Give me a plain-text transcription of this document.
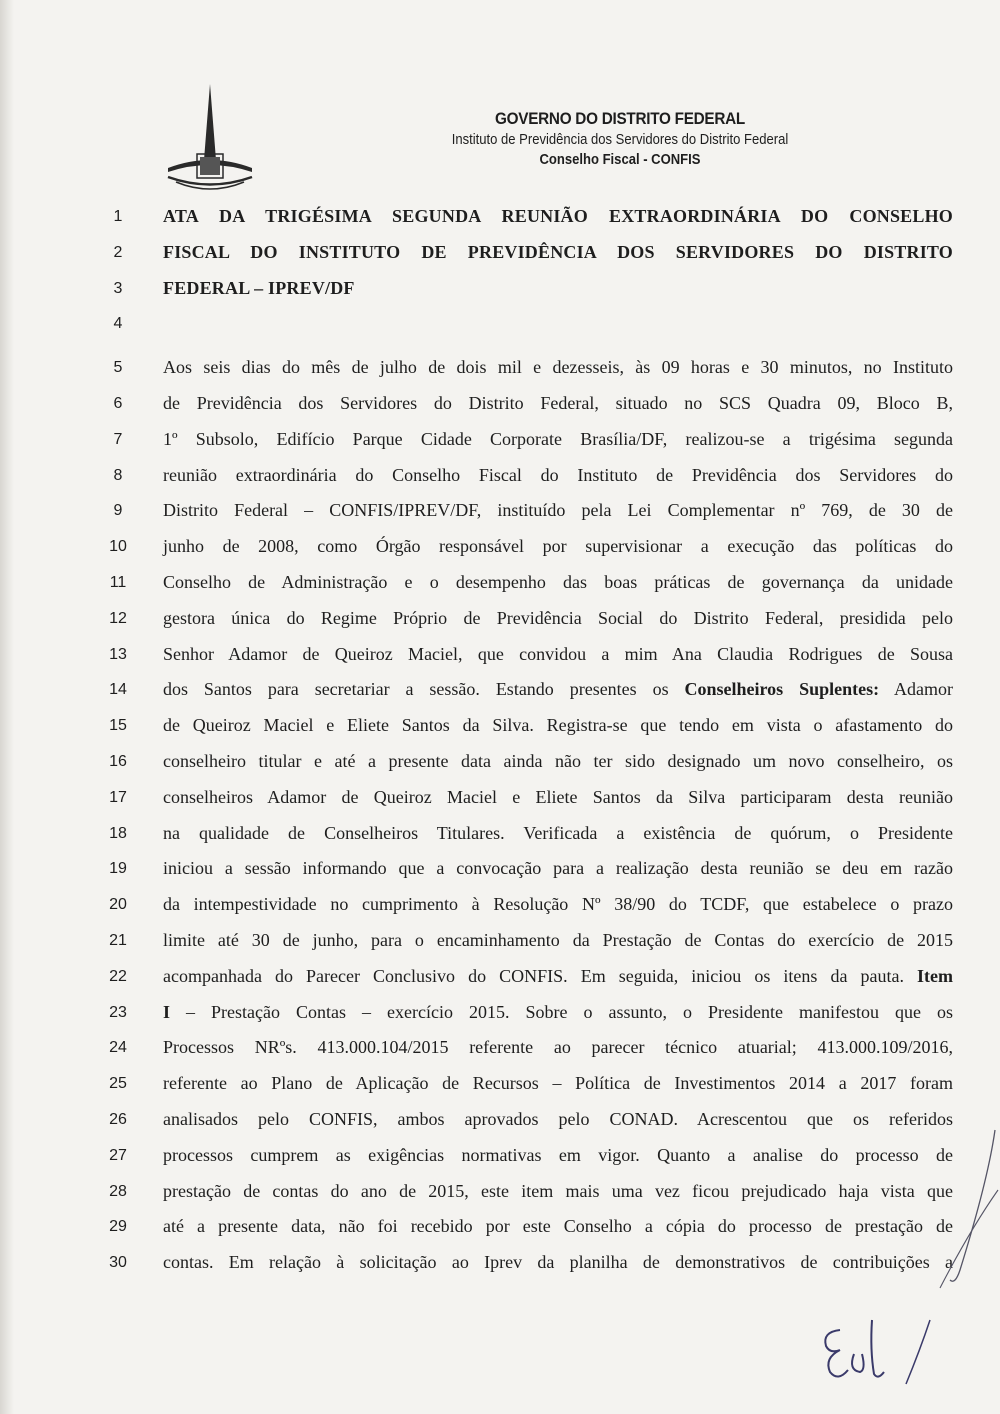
GOVERNO DO DISTRITO FEDERAL
Instituto de Previdência dos Servidores do Distrito Federal
Conselho Fiscal - CONFIS
1	ATA DA TRIGÉSIMA SEGUNDA REUNIÃO EXTRAORDINÁRIA DO CONSELHO
2	FISCAL DO INSTITUTO DE PREVIDÊNCIA DOS SERVIDORES DO DISTRITO
3	FEDERAL – IPREV/DF
4
5	Aos seis dias do mês de julho de dois mil e dezesseis, às 09 horas e 30 minutos, no Instituto
6	de Previdência dos Servidores do Distrito Federal, situado no SCS Quadra 09, Bloco B,
7	1º Subsolo, Edifício Parque Cidade Corporate Brasília/DF, realizou-se a trigésima segunda
8	reunião extraordinária do Conselho Fiscal do Instituto de Previdência dos Servidores do
9	Distrito Federal – CONFIS/IPREV/DF, instituído pela Lei Complementar nº 769, de 30 de
10	junho de 2008, como Órgão responsável por supervisionar a execução das políticas do
11	Conselho de Administração e o desempenho das boas práticas de governança da unidade
12	gestora única do Regime Próprio de Previdência Social do Distrito Federal, presidida pelo
13	Senhor Adamor de Queiroz Maciel, que convidou a mim Ana Claudia Rodrigues de Sousa
14	dos Santos para secretariar a sessão. Estando presentes os Conselheiros Suplentes: Adamor
15	de Queiroz Maciel e Eliete Santos da Silva. Registra-se que tendo em vista o afastamento do
16	conselheiro titular e até a presente data ainda não ter sido designado um novo conselheiro, os
17	conselheiros Adamor de Queiroz Maciel e Eliete Santos da Silva participaram desta reunião
18	na qualidade de Conselheiros Titulares. Verificada a existência de quórum, o Presidente
19	iniciou a sessão informando que a convocação para a realização desta reunião se deu em razão
20	da intempestividade no cumprimento à Resolução Nº 38/90 do TCDF, que estabelece o prazo
21	limite até 30 de junho, para o encaminhamento da Prestação de Contas do exercício de 2015
22	acompanhada do Parecer Conclusivo do CONFIS. Em seguida, iniciou os itens da pauta. Item
23	I – Prestação Contas – exercício 2015. Sobre o assunto, o Presidente manifestou que os
24	Processos NRºs. 413.000.104/2015 referente ao parecer técnico atuarial; 413.000.109/2016,
25	referente ao Plano de Aplicação de Recursos – Política de Investimentos 2014 a 2017 foram
26	analisados pelo CONFIS, ambos aprovados pelo CONAD. Acrescentou que os referidos
27	processos cumprem as exigências normativas em vigor. Quanto a analise do processo de
28	prestação de contas do ano de 2015, este item mais uma vez ficou prejudicado haja vista que
29	até a presente data, não foi recebido por este Conselho a cópia do processo de prestação de
30	contas. Em relação à solicitação ao Iprev da planilha de demonstrativos de contribuições a
